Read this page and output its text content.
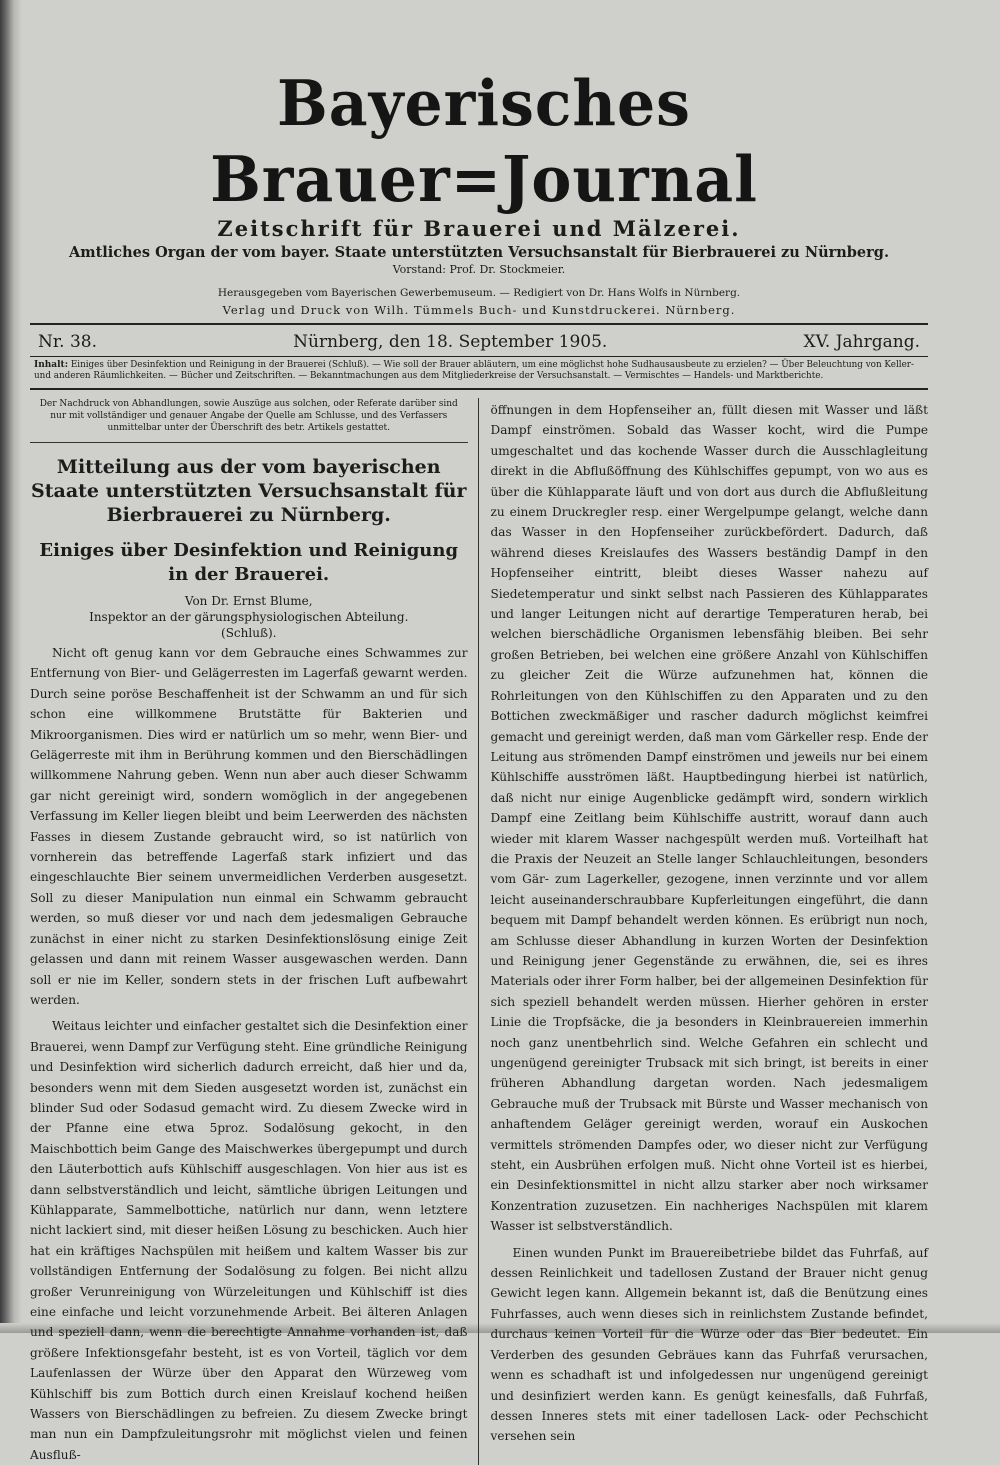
Bayerisches Brauer=Journal
Zeitschrift für Brauerei und Mälzerei.
Amtliches Organ der vom bayer. Staate unterstützten Versuchsanstalt für Bierbrauerei zu Nürnberg.
Vorstand: Prof. Dr. Stockmeier.
Herausgegeben vom Bayerischen Gewerbemuseum. — Redigiert von Dr. Hans Wolfs in Nürnberg.
Verlag und Druck von Wilh. Tümmels Buch- und Kunstdruckerei. Nürnberg.
Nr. 38.	Nürnberg, den 18. September 1905.	XV. Jahrgang.
Inhalt: Einiges über Desinfektion und Reinigung in der Brauerei (Schluß). — Wie soll der Brauer abläutern, um eine möglichst hohe Sudhausausbeute zu erzielen? — Über Beleuchtung von Keller- und anderen Räumlichkeiten. — Bücher und Zeitschriften. — Bekanntmachungen aus dem Mitgliederkreise der Versuchsanstalt. — Vermischtes — Handels- und Marktberichte.
Der Nachdruck von Abhandlungen, sowie Auszüge aus solchen, oder Referate darüber sind nur mit vollständiger und genauer Angabe der Quelle am Schlusse, und des Verfassers unmittelbar unter der Überschrift des betr. Artikels gestattet.
Mitteilung aus der vom bayerischen Staate unterstützten Versuchsanstalt für Bierbrauerei zu Nürnberg.
Einiges über Desinfektion und Reinigung in der Brauerei.
Von Dr. Ernst Blume,
Inspektor an der gärungsphysiologischen Abteilung.
(Schluß).

Nicht oft genug kann vor dem Gebrauche eines Schwammes zur Entfernung von Bier- und Gelägerresten im Lagerfaß gewarnt werden. Durch seine poröse Beschaffenheit ist der Schwamm an und für sich schon eine willkommene Brutstätte für Bakterien und Mikroorganismen. Dies wird er natürlich um so mehr, wenn Bier- und Gelägerreste mit ihm in Berührung kommen und den Bierschädlingen willkommene Nahrung geben. Wenn nun aber auch dieser Schwamm gar nicht gereinigt wird, sondern womöglich in der angegebenen Verfassung im Keller liegen bleibt und beim Leerwerden des nächsten Fasses in diesem Zustande gebraucht wird, so ist natürlich von vornherein das betreffende Lagerfaß stark infiziert und das eingeschlauchte Bier seinem unvermeidlichen Verderben ausgesetzt. Soll zu dieser Manipulation nun einmal ein Schwamm gebraucht werden, so muß dieser vor und nach dem jedesmaligen Gebrauche zunächst in einer nicht zu starken Desinfektionslösung einige Zeit gelassen und dann mit reinem Wasser ausgewaschen werden. Dann soll er nie im Keller, sondern stets in der frischen Luft aufbewahrt werden.

Weitaus leichter und einfacher gestaltet sich die Desinfektion einer Brauerei, wenn Dampf zur Verfügung steht. Eine gründliche Reinigung und Desinfektion wird sicherlich dadurch erreicht, daß hier und da, besonders wenn mit dem Sieden ausgesetzt worden ist, zunächst ein blinder Sud oder Sodasud gemacht wird. Zu diesem Zwecke wird in der Pfanne eine etwa 5proz. Sodalösung gekocht, in den Maischbottich beim Gange des Maischwerkes übergepumpt und durch den Läuterbottich aufs Kühlschiff ausgeschlagen. Von hier aus ist es dann selbstverständlich und leicht, sämtliche übrigen Leitungen und Kühlapparate, Sammelbottiche, natürlich nur dann, wenn letztere nicht lackiert sind, mit dieser heißen Lösung zu beschicken. Auch hier hat ein kräftiges Nachspülen mit heißem und kaltem Wasser bis zur vollständigen Entfernung der Sodalösung zu folgen. Bei nicht allzu großer Verunreinigung von Würzeleitungen und Kühlschiff ist dies eine einfache und leicht vorzunehmende Arbeit. Bei älteren Anlagen und speziell dann, wenn die berechtigte Annahme vorhanden ist, daß größere Infektionsgefahr besteht, ist es von Vorteil, täglich vor dem Laufenlassen der Würze über den Apparat den Würzeweg vom Kühlschiff bis zum Bottich durch einen Kreislauf kochend heißen Wassers von Bierschädlingen zu befreien. Zu diesem Zwecke bringt man nun ein Dampfzuleitungsrohr mit möglichst vielen und feinen Ausfluß-

öffnungen in dem Hopfenseiher an, füllt diesen mit Wasser und läßt Dampf einströmen. Sobald das Wasser kocht, wird die Pumpe umgeschaltet und das kochende Wasser durch die Ausschlagleitung direkt in die Abflußöffnung des Kühlschiffes gepumpt, von wo aus es über die Kühlapparate läuft und von dort aus durch die Abflußleitung zu einem Druckregler resp. einer Wergelpumpe gelangt, welche dann das Wasser in den Hopfenseiher zurückbefördert. Dadurch, daß während dieses Kreislaufes des Wassers beständig Dampf in den Hopfenseiher eintritt, bleibt dieses Wasser nahezu auf Siedetemperatur und sinkt selbst nach Passieren des Kühlapparates und langer Leitungen nicht auf derartige Temperaturen herab, bei welchen bierschädliche Organismen lebensfähig bleiben. Bei sehr großen Betrieben, bei welchen eine größere Anzahl von Kühlschiffen zu gleicher Zeit die Würze aufzunehmen hat, können die Rohrleitungen von den Kühlschiffen zu den Apparaten und zu den Bottichen zweckmäßiger und rascher dadurch möglichst keimfrei gemacht und gereinigt werden, daß man vom Gärkeller resp. Ende der Leitung aus strömenden Dampf einströmen und jeweils nur bei einem Kühlschiffe ausströmen läßt. Hauptbedingung hierbei ist natürlich, daß nicht nur einige Augenblicke gedämpft wird, sondern wirklich Dampf eine Zeitlang beim Kühlschiffe austritt, worauf dann auch wieder mit klarem Wasser nachgespült werden muß. Vorteilhaft hat die Praxis der Neuzeit an Stelle langer Schlauchleitungen, besonders vom Gär- zum Lagerkeller, gezogene, innen verzinnte und vor allem leicht auseinanderschraubbare Kupferleitungen eingeführt, die dann bequem mit Dampf behandelt werden können. Es erübrigt nun noch, am Schlusse dieser Abhandlung in kurzen Worten der Desinfektion und Reinigung jener Gegenstände zu erwähnen, die, sei es ihres Materials oder ihrer Form halber, bei der allgemeinen Desinfektion für sich speziell behandelt werden müssen. Hierher gehören in erster Linie die Tropfsäcke, die ja besonders in Kleinbrauereien immerhin noch ganz unentbehrlich sind. Welche Gefahren ein schlecht und ungenügend gereinigter Trubsack mit sich bringt, ist bereits in einer früheren Abhandlung dargetan worden. Nach jedesmaligem Gebrauche muß der Trubsack mit Bürste und Wasser mechanisch von anhaftendem Geläger gereinigt werden, worauf ein Auskochen vermittels strömenden Dampfes oder, wo dieser nicht zur Verfügung steht, ein Ausbrühen erfolgen muß. Nicht ohne Vorteil ist es hierbei, ein Desinfektionsmittel in nicht allzu starker aber noch wirksamer Konzentration zuzusetzen. Ein nachheriges Nachspülen mit klarem Wasser ist selbstverständlich.

Einen wunden Punkt im Brauereibetriebe bildet das Fuhrfaß, auf dessen Reinlichkeit und tadellosen Zustand der Brauer nicht genug Gewicht legen kann. Allgemein bekannt ist, daß die Benützung eines Fuhrfasses, auch wenn dieses sich in reinlichstem Zustande befindet, durchaus keinen Vorteil für die Würze oder das Bier bedeutet. Ein Verderben des gesunden Gebräues kann das Fuhrfaß verursachen, wenn es schadhaft ist und infolgedessen nur ungenügend gereinigt und desinfiziert werden kann. Es genügt keinesfalls, daß Fuhrfaß, dessen Inneres stets mit einer tadellosen Lack- oder Pechschicht versehen sein
